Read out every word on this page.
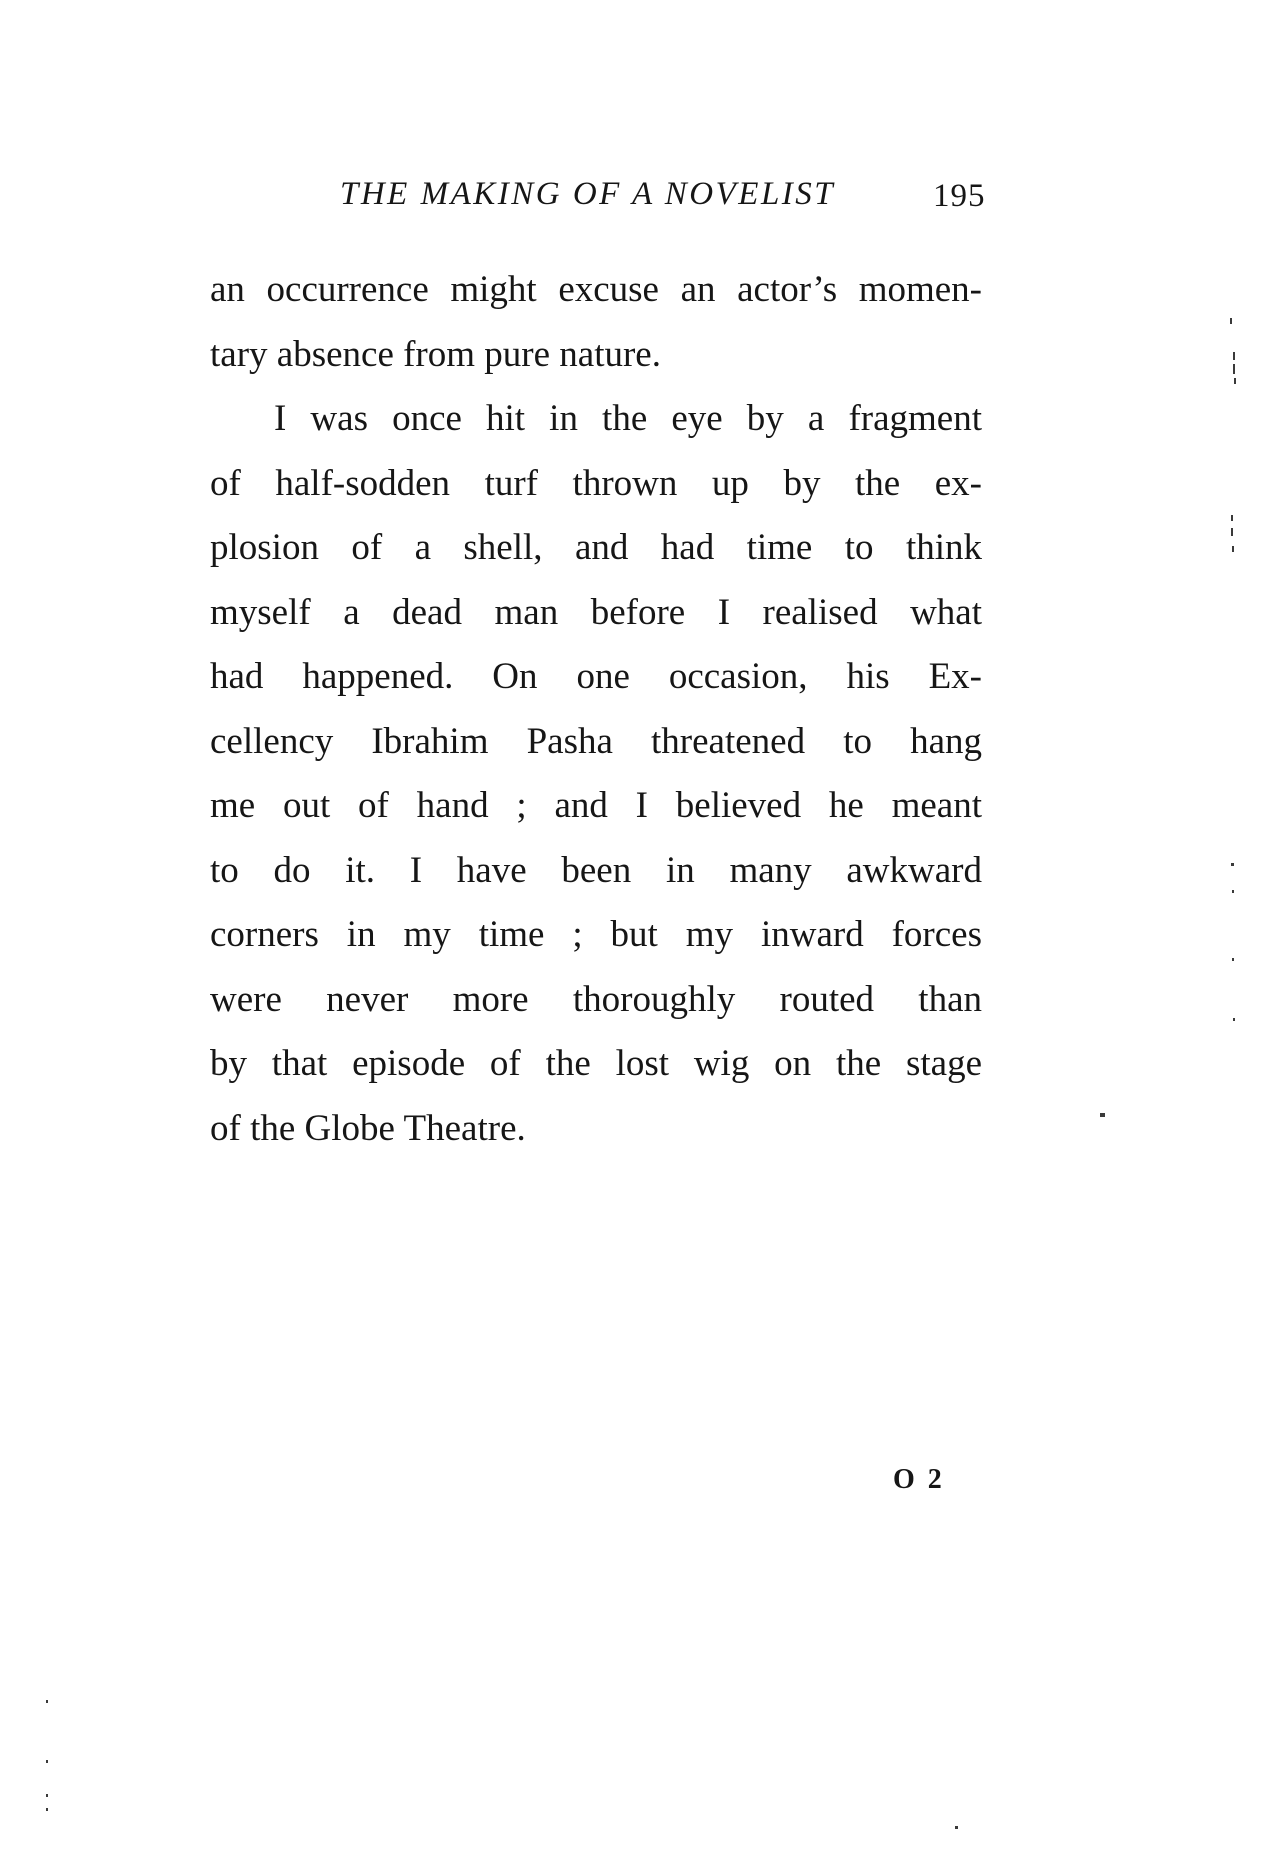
THE MAKING OF A NOVELIST	195
an occurrence might excuse an actor’s momen-
tary absence from pure nature.
I was once hit in the eye by a fragment
of half-sodden turf thrown up by the ex-
plosion of a shell, and had time to think
myself a dead man before I realised what
had happened. On one occasion, his Ex-
cellency Ibrahim Pasha threatened to hang
me out of hand ; and I believed he meant
to do it. I have been in many awkward
corners in my time ; but my inward forces
were never more thoroughly routed than
by that episode of the lost wig on the stage
of the Globe Theatre.
O 2
